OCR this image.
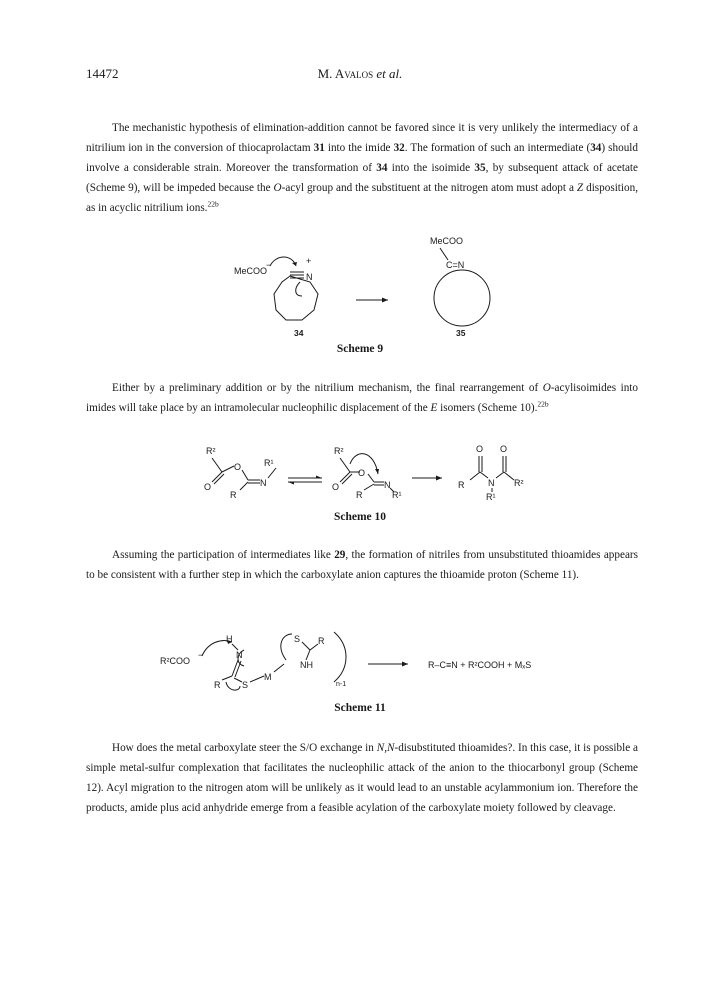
14472	M. Avalos et al.

The mechanistic hypothesis of elimination-addition cannot be favored since it is very unlikely the intermediacy of a nitrilium ion in the conversion of thiocaprolactam 31 into the imide 32. The formation of such an intermediate (34) should involve a considerable strain. Moreover the transformation of 34 into the isoimide 35, by subsequent attack of acetate (Scheme 9), will be impeded because the O-acyl group and the substituent at the nitrogen atom must adopt a Z disposition, as in acyclic nitrilium ions.$^{22b}$

MeCOO
−	+
N
34
MeCOO
C=N
35
Scheme 9

Either by a preliminary addition or by the nitrilium mechanism, the final rearrangement of O-acylisoimides into imides will take place by an intramolecular nucleophilic displacement of the E isomers (Scheme 10).$^{22b}$

R²
O
O	N
R
R¹
R²
O
O
N
R	R¹
O O
R	N R²
R¹
Scheme 10

Assuming the participation of intermediates like 29, the formation of nitriles from unsubstituted thioamides appears to be consistent with a further step in which the carboxylate anion captures the thioamide proton (Scheme 11).

R²COO
−
H
N
R S
M
S R
NH
n-1
R–C≡N + R²COOH + MₓS
Scheme 11

How does the metal carboxylate steer the S/O exchange in N,N-disubstituted thioamides?. In this case, it is possible a simple metal-sulfur complexation that facilitates the nucleophilic attack of the anion to the thiocarbonyl group (Scheme 12). Acyl migration to the nitrogen atom will be unlikely as it would lead to an unstable acylammonium ion. Therefore the products, amide plus acid anhydride emerge from a feasible acylation of the carboxylate moiety followed by cleavage.
